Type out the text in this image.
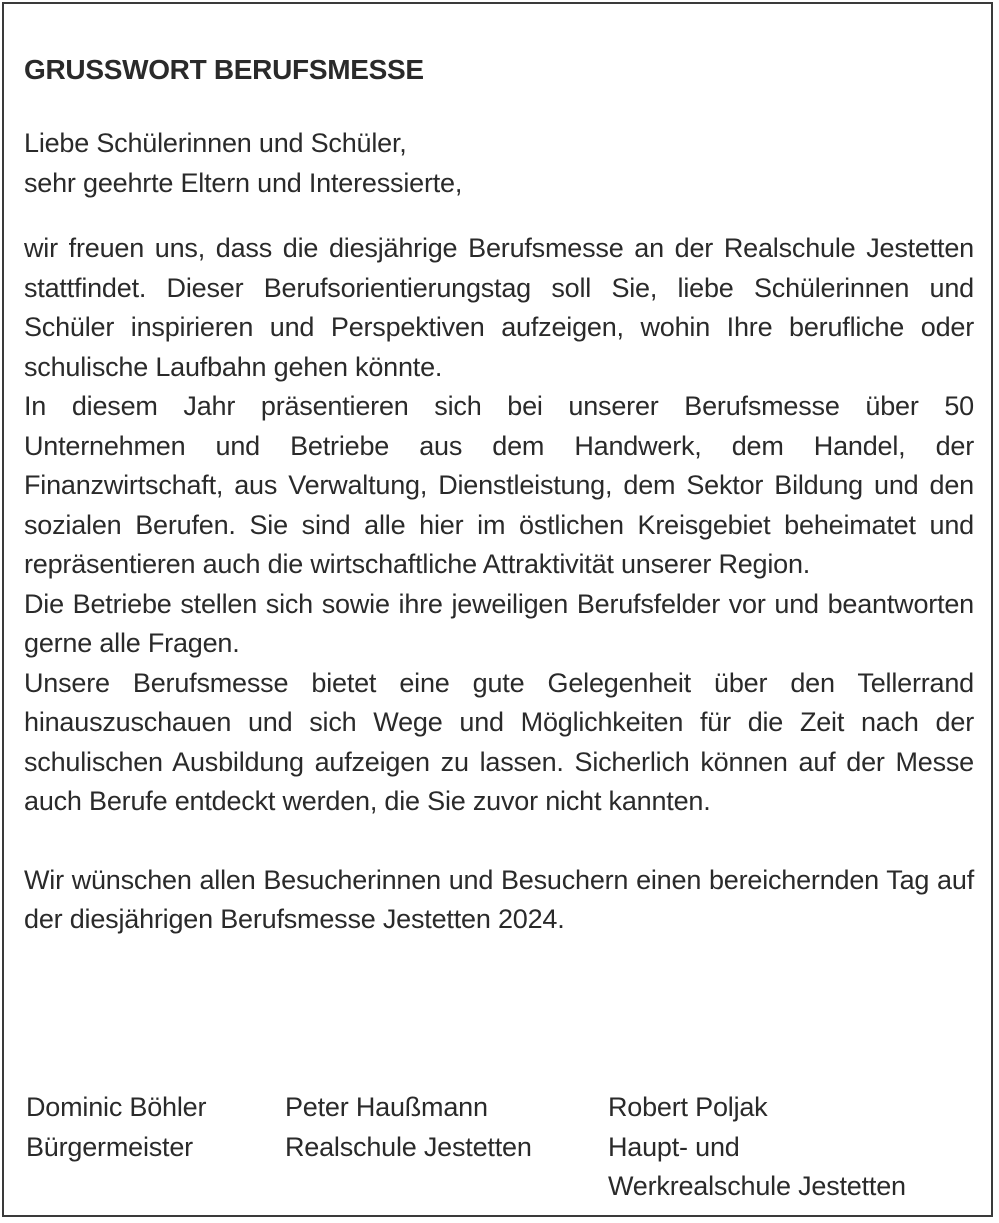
GRUSSWORT BERUFSMESSE
Liebe Schülerinnen und Schüler,
sehr geehrte Eltern und Interessierte,

wir freuen uns, dass die diesjährige Berufsmesse an der Realschule Jestetten stattfindet. Dieser Berufsorientierungstag soll Sie, liebe Schülerinnen und Schüler inspirieren und Perspektiven aufzeigen, wohin Ihre berufliche oder schulische Laufbahn gehen könnte.

In diesem Jahr präsentieren sich bei unserer Berufsmesse über 50 Unternehmen und Betriebe aus dem Handwerk, dem Handel, der Finanzwirtschaft, aus Verwaltung, Dienstleistung, dem Sektor Bildung und den sozialen Berufen. Sie sind alle hier im östlichen Kreisgebiet beheimatet und repräsentieren auch die wirtschaftliche Attraktivität unserer Region.

Die Betriebe stellen sich sowie ihre jeweiligen Berufsfelder vor und beantworten gerne alle Fragen.

Unsere Berufsmesse bietet eine gute Gelegenheit über den Tellerrand hinauszuschauen und sich Wege und Möglichkeiten für die Zeit nach der schulischen Ausbildung aufzeigen zu lassen. Sicherlich können auf der Messe auch Berufe entdeckt werden, die Sie zuvor nicht kannten.

Wir wünschen allen Besucherinnen und Besuchern einen bereichernden Tag auf der diesjährigen Berufsmesse Jestetten 2024.
Dominic Böhler
Bürgermeister
Peter Haußmann
Realschule Jestetten
Robert Poljak
Haupt- und
Werkrealschule Jestetten
